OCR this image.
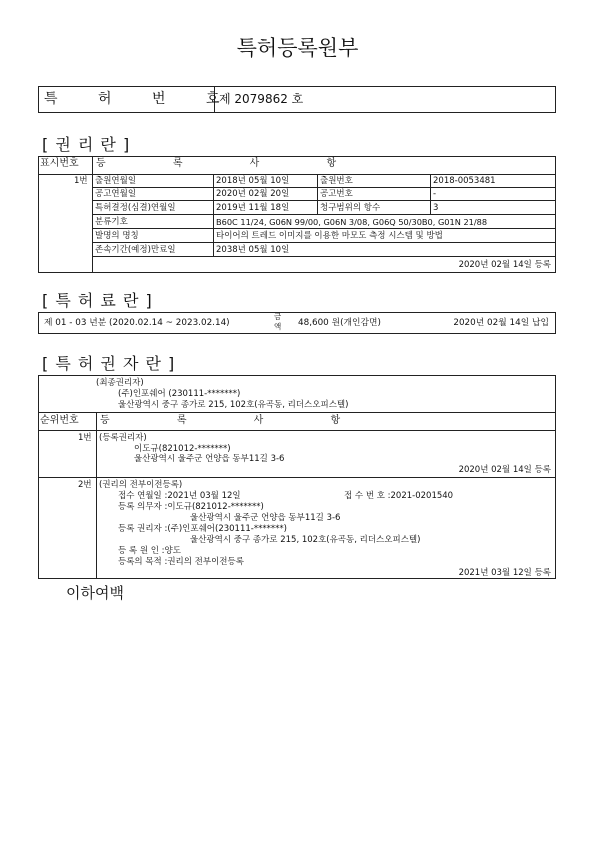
특허등록원부
특 허 번 호
제 2079862 호
[ 권 리 란 ]
표시번호 등 록 사 항
1번 출원연월일	2018년 05월 10일	출원번호	2018-0053481
공고연월일	2020년 02월 20일	공고번호	-
특허결정(심결)연월일	2019년 11월 18일	청구범위의 항수	3
분류기호	B60C 11/24, G06N 99/00, G06N 3/08, G06Q 50/30B0, G01N 21/88
발명의 명칭	타이어의 트레드 이미지를 이용한 마모도 측정 시스템 및 방법
존속기간(예정)만료일	2038년 05월 10일
2020년 02월 14일 등록
[ 특 허 료 란 ]
제 01 - 03 년분 (2020.02.14 ~ 2023.02.14)
금
액 48,600 원(개인감면)	2020년 02월 14일 납입
[ 특 허 권 자 란 ]
(최종권리자)
(주)인포쉐어 (230111-*******)
울산광역시 중구 종가로 215, 102호(유곡동, 리더스오피스텔)
순위번호 등 록 사 항
1번 (등록권리자)
이도규(821012-*******)
울산광역시 울주군 언양읍 동부11길 3-6
2020년 02월 14일 등록
2번 (권리의 전부이전등록)
접수 연월일 :2021년 03월 12일	접 수 번 호 :2021-0201540
등록 의무자 :이도규(821012-*******)
울산광역시 울주군 언양읍 동부11길 3-6
등록 권리자 :(주)인포쉐어(230111-*******)
울산광역시 중구 종가로 215, 102호(유곡동, 리더스오피스텔)
등 록 원 인 :양도
등록의 목적 :권리의 전부이전등록
2021년 03월 12일 등록
이하여백
